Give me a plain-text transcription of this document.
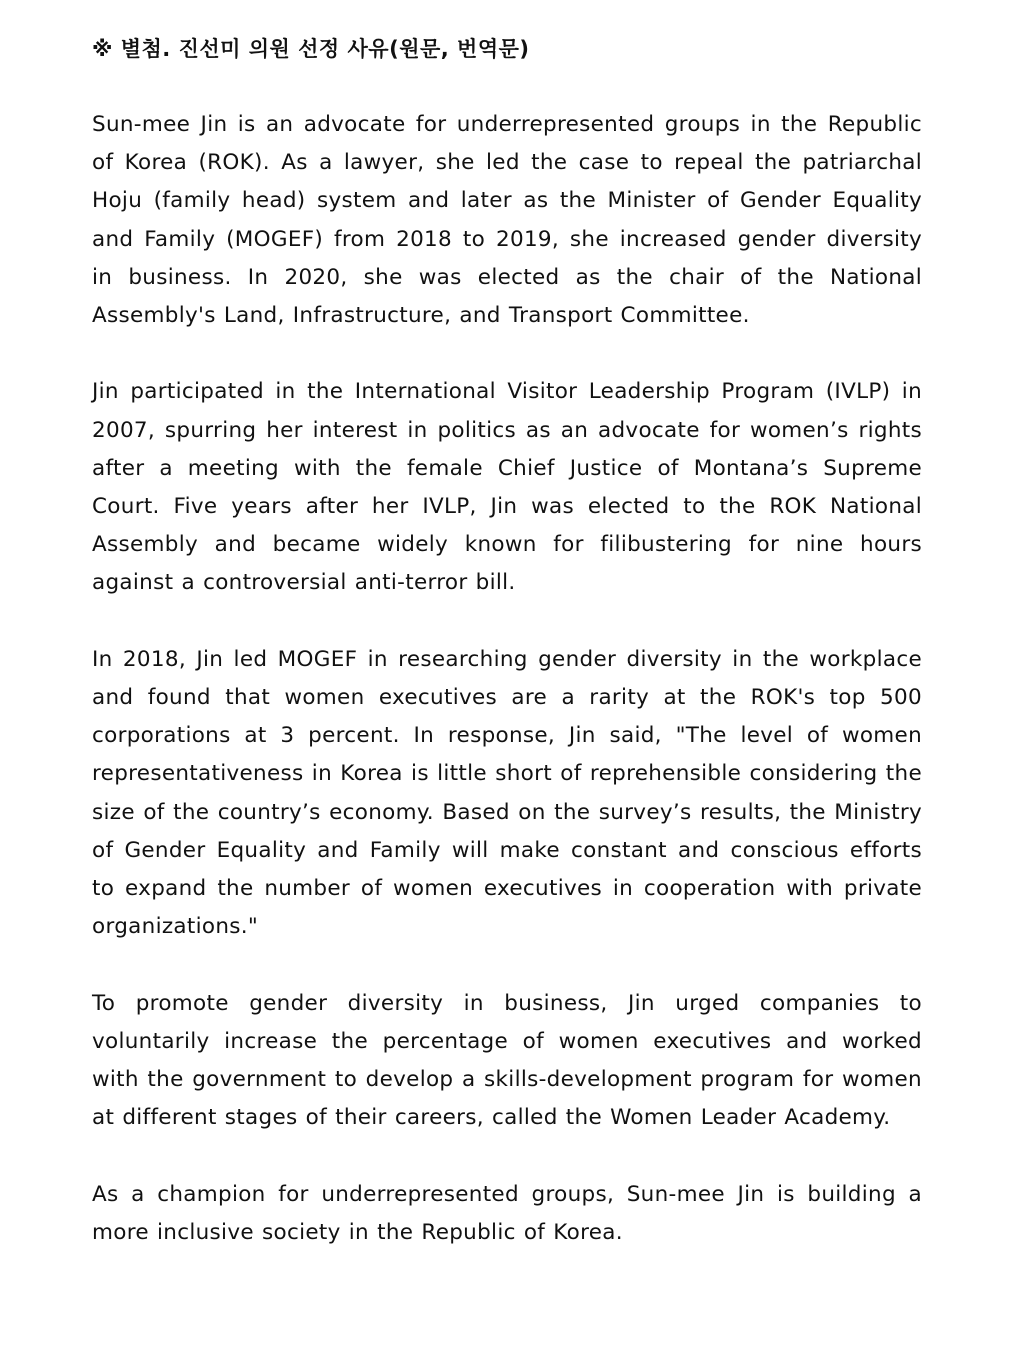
※ 별첨. 진선미 의원 선정 사유(원문, 번역문)

Sun-mee Jin is an advocate for underrepresented groups in the Republic of Korea (ROK). As a lawyer, she led the case to repeal the patriarchal Hoju (family head) system and later as the Minister of Gender Equality and Family (MOGEF) from 2018 to 2019, she increased gender diversity in business. In 2020, she was elected as the chair of the National Assembly's Land, Infrastructure, and Transport Committee.

Jin participated in the International Visitor Leadership Program (IVLP) in 2007, spurring her interest in politics as an advocate for women’s rights after a meeting with the female Chief Justice of Montana’s Supreme Court. Five years after her IVLP, Jin was elected to the ROK National Assembly and became widely known for filibustering for nine hours against a controversial anti-terror bill.

In 2018, Jin led MOGEF in researching gender diversity in the workplace and found that women executives are a rarity at the ROK's top 500 corporations at 3 percent. In response, Jin said, "The level of women representativeness in Korea is little short of reprehensible considering the size of the country’s economy. Based on the survey’s results, the Ministry of Gender Equality and Family will make constant and conscious efforts to expand the number of women executives in cooperation with private organizations."

To promote gender diversity in business, Jin urged companies to voluntarily increase the percentage of women executives and worked with the government to develop a skills-development program for women at different stages of their careers, called the Women Leader Academy.

As a champion for underrepresented groups, Sun-mee Jin is building a more inclusive society in the Republic of Korea.
